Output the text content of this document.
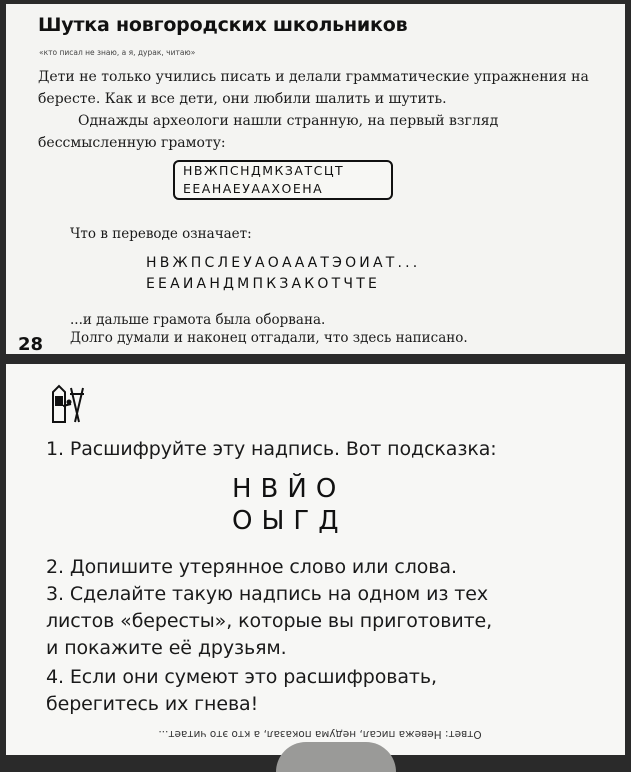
Шутка новгородских школьников
«кто писал не знаю, а я, дурак, читаю»
Дети не только учились писать и делали грамматические упражнения на бересте. Как и все дети, они любили шалить и шутить.
Однажды археологи нашли странную, на первый взгляд бессмысленную грамоту:
НВЖПСНДМКЗАТСЦТ
ЕЕАНАЕУААХОЕНА
Что в переводе означает:
НВЖПСЛЕУАОАААТЭОИАТ...
ЕЕАИАНДМПКЗАКОТЧТЕ
...и дальше грамота была оборвана.
Долго думали и наконец отгадали, что здесь написано.
28
1. Расшифруйте эту надпись. Вот подсказка:
НВЙО
ОЫГД
2. Допишите утерянное слово или слова.
3. Сделайте такую надпись на одном из тех
листов «бересты», которые вы приготовите,
и покажите её друзьям.
4. Если они сумеют это расшифровать,
берегитесь их гнева!
Ответ: Невежа писал, недума показал, а кто это читает...
